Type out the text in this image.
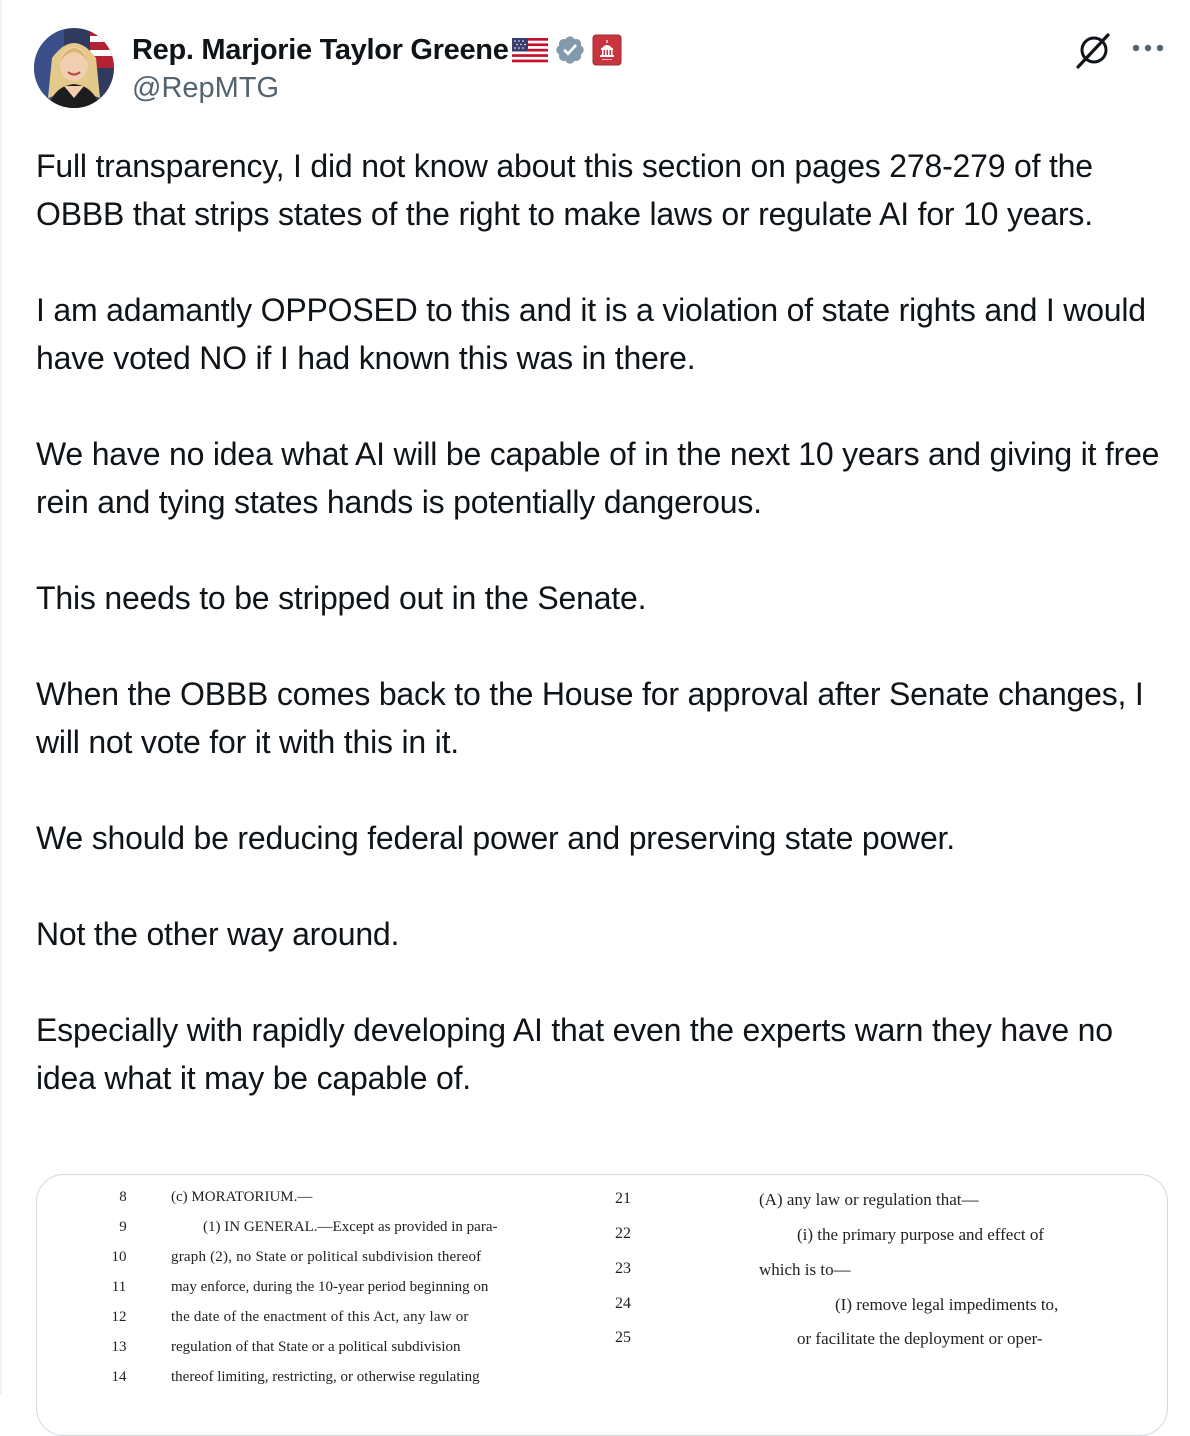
Rep. Marjorie Taylor Greene
@RepMTG

Full transparency, I did not know about this section on pages 278-279 of the OBBB that strips states of the right to make laws or regulate AI for 10 years.

I am adamantly OPPOSED to this and it is a violation of state rights and I would have voted NO if I had known this was in there.

We have no idea what AI will be capable of in the next 10 years and giving it free rein and tying states hands is potentially dangerous.

This needs to be stripped out in the Senate.

When the OBBB comes back to the House for approval after Senate changes, I will not vote for it with this in it.

We should be reducing federal power and preserving state power.

Not the other way around.

Especially with rapidly developing AI that even the experts warn they have no idea what it may be capable of.

8
9
10
11
12
13
14
(c) MORATORIUM.—
(1) IN GENERAL.—Except as provided in para-
graph (2), no State or political subdivision thereof
may enforce, during the 10-year period beginning on
the date of the enactment of this Act, any law or
regulation of that State or a political subdivision
thereof limiting, restricting, or otherwise regulating
21
22
23
24
25
(A) any law or regulation that—
(i) the primary purpose and effect of
which is to—
(I) remove legal impediments to,
or facilitate the deployment or oper-
